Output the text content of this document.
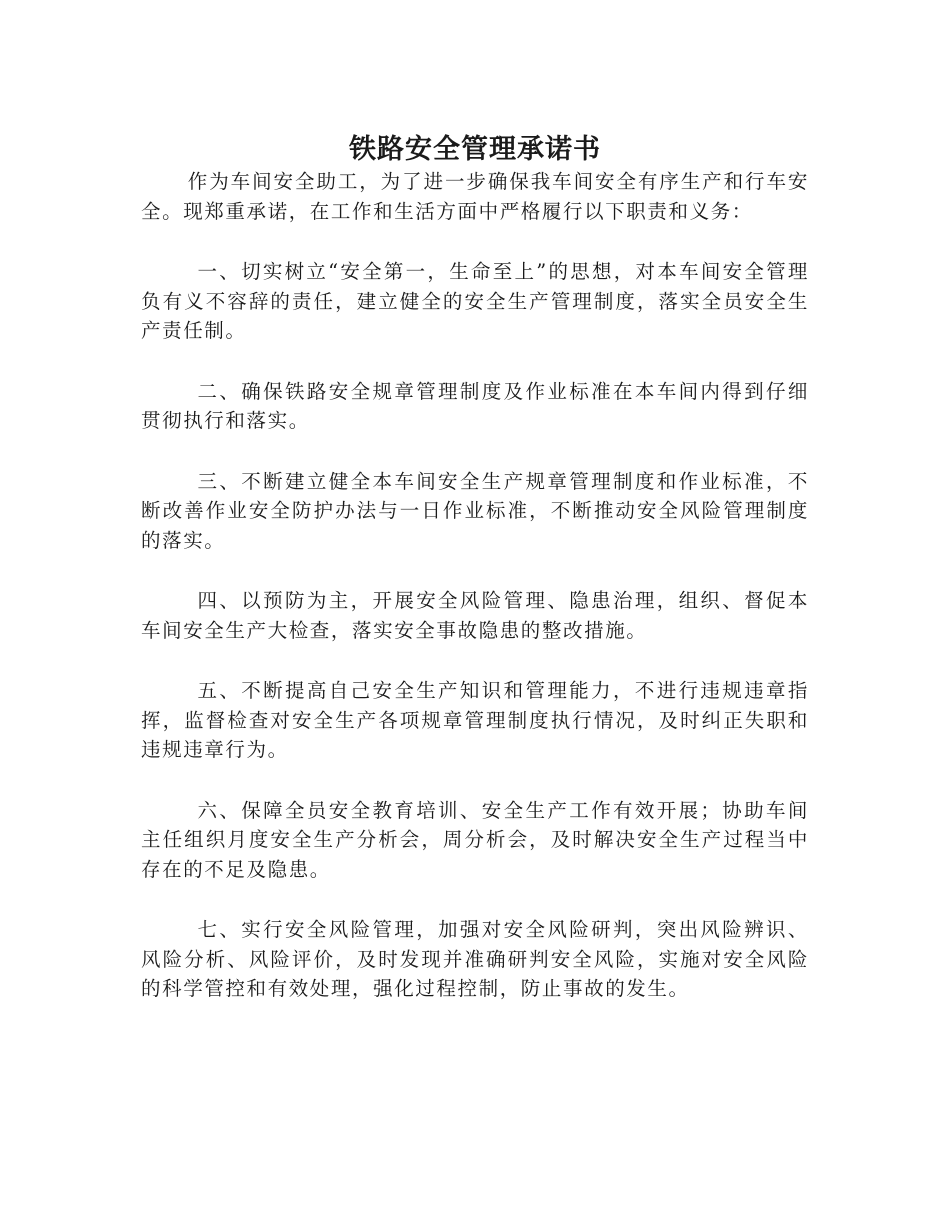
铁路安全管理承诺书

作为车间安全助工，为了进一步确保我车间安全有序生产和行车安全。现郑重承诺，在工作和生活方面中严格履行以下职责和义务：

一、切实树立“安全第一，生命至上”的思想，对本车间安全管理负有义不容辞的责任，建立健全的安全生产管理制度，落实全员安全生产责任制。

二、确保铁路安全规章管理制度及作业标准在本车间内得到仔细贯彻执行和落实。

三、不断建立健全本车间安全生产规章管理制度和作业标准，不断改善作业安全防护办法与一日作业标准，不断推动安全风险管理制度的落实。

四、以预防为主，开展安全风险管理、隐患治理，组织、督促本车间安全生产大检查，落实安全事故隐患的整改措施。

五、不断提高自己安全生产知识和管理能力，不进行违规违章指挥，监督检查对安全生产各项规章管理制度执行情况，及时纠正失职和违规违章行为。

六、保障全员安全教育培训、安全生产工作有效开展；协助车间主任组织月度安全生产分析会，周分析会，及时解决安全生产过程当中存在的不足及隐患。

七、实行安全风险管理，加强对安全风险研判，突出风险辨识、风险分析、风险评价，及时发现并准确研判安全风险，实施对安全风险的科学管控和有效处理，强化过程控制，防止事故的发生。
